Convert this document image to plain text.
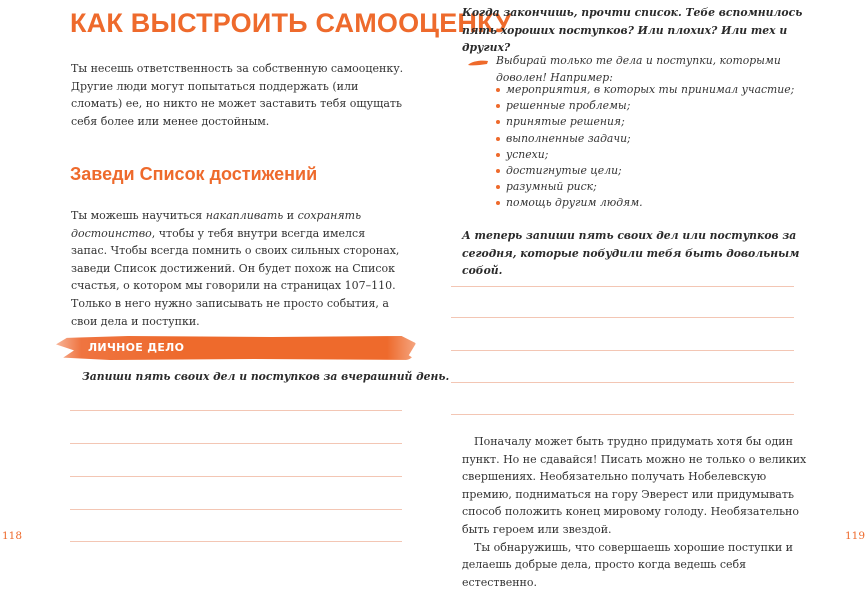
КАК ВЫСТРОИТЬ САМООЦЕНКУ

Ты несешь ответственность за собственную самооценку. Другие люди могут попытаться поддержать (или сломать) ее, но никто не может заставить тебя ощущать себя более или менее достойным.

Заведи Список достижений

Ты можешь научиться накапливать и сохранять достоинство, чтобы у тебя внутри всегда имелся запас. Чтобы всегда помнить о своих сильных сторонах, заведи Список достижений. Он будет похож на Список счастья, о котором мы говорили на страницах 107–110. Только в него нужно записывать не просто события, а свои дела и поступки.

ЛИЧНОЕ ДЕЛО

Запиши пять своих дел и поступков за вчерашний день.

118

Когда закончишь, прочти список. Тебе вспомнилось пять хороших поступков? Или плохих? Или тех и других?

Выбирай только те дела и поступки, которыми доволен! Например:

мероприятия, в которых ты принимал участие;
решенные проблемы;
принятые решения;
выполненные задачи;
успехи;
достигнутые цели;
разумный риск;
помощь другим людям.

А теперь запиши пять своих дел или поступков за сегодня, которые побудили тебя быть довольным собой.

Поначалу может быть трудно придумать хотя бы один пункт. Но не сдавайся! Писать можно не только о великих свершениях. Необязательно получать Нобелевскую премию, подниматься на гору Эверест или придумывать способ положить конец мировому голоду. Необязательно быть героем или звездой.

Ты обнаружишь, что совершаешь хорошие поступки и делаешь добрые дела, просто когда ведешь себя естественно.

119
